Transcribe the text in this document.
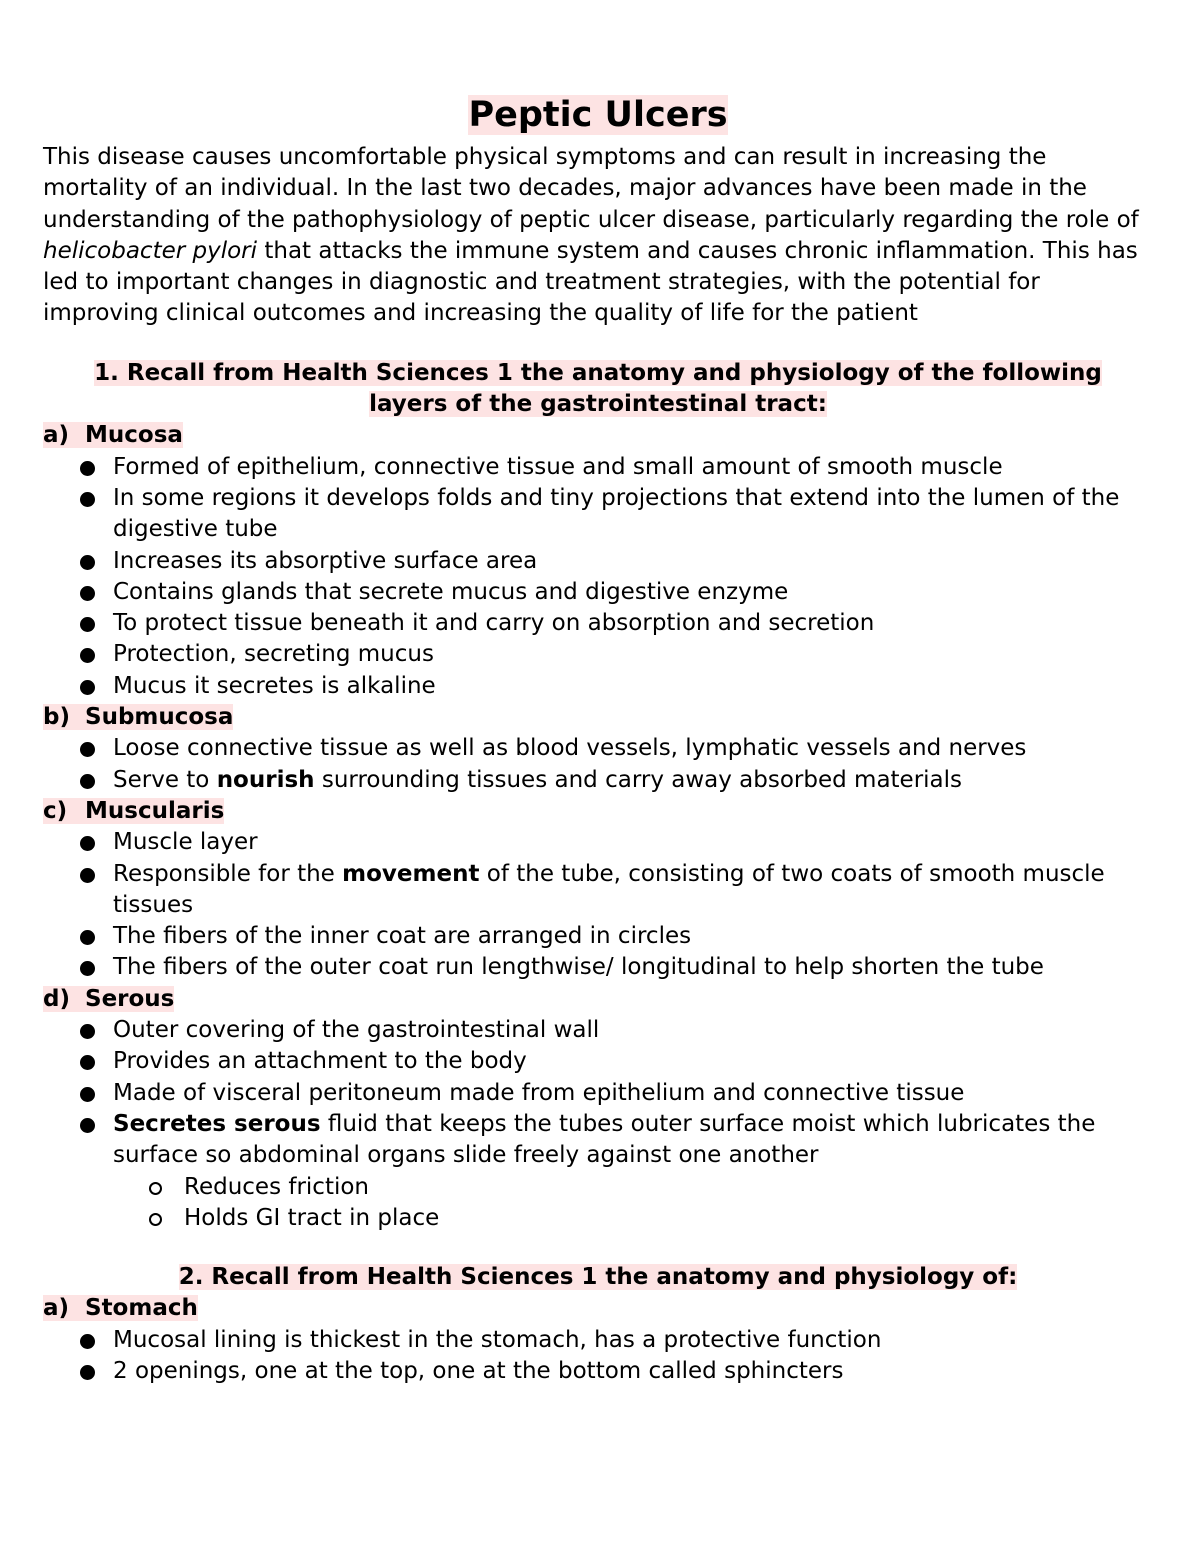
Peptic Ulcers

This disease causes uncomfortable physical symptoms and can result in increasing the mortality of an individual. In the last two decades, major advances have been made in the understanding of the pathophysiology of peptic ulcer disease, particularly regarding the role of helicobacter pylori that attacks the immune system and causes chronic inflammation. This has led to important changes in diagnostic and treatment strategies, with the potential for improving clinical outcomes and increasing the quality of life for the patient

1. Recall from Health Sciences 1 the anatomy and physiology of the following
layers of the gastrointestinal tract:
a) Mucosa
Formed of epithelium, connective tissue and small amount of smooth muscle
In some regions it develops folds and tiny projections that extend into the lumen of the digestive tube
Increases its absorptive surface area
Contains glands that secrete mucus and digestive enzyme
To protect tissue beneath it and carry on absorption and secretion
Protection, secreting mucus
Mucus it secretes is alkaline
b) Submucosa
Loose connective tissue as well as blood vessels, lymphatic vessels and nerves
Serve to nourish surrounding tissues and carry away absorbed materials
c) Muscularis
Muscle layer
Responsible for the movement of the tube, consisting of two coats of smooth muscle tissues
The fibers of the inner coat are arranged in circles
The fibers of the outer coat run lengthwise/ longitudinal to help shorten the tube
d) Serous
Outer covering of the gastrointestinal wall
Provides an attachment to the body
Made of visceral peritoneum made from epithelium and connective tissue
Secretes serous fluid that keeps the tubes outer surface moist which lubricates the surface so abdominal organs slide freely against one another
Reduces friction
Holds GI tract in place
2. Recall from Health Sciences 1 the anatomy and physiology of:
a) Stomach
Mucosal lining is thickest in the stomach, has a protective function
2 openings, one at the top, one at the bottom called sphincters
